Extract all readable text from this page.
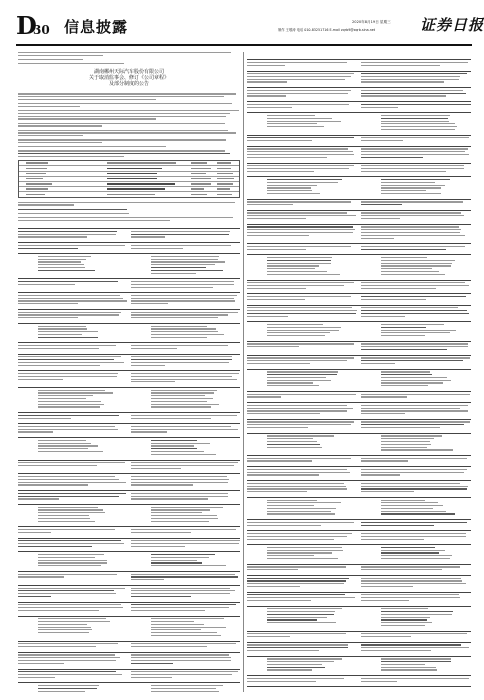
D
30 信息披露	2020年8月19日 星期三
制作 王敬涛 电话 010-83251716 E-mail zqrb9@zqrb.sina.net	证券日报
湖南郴州天际汽车股份有限公司
关于取消监事会、修订《公司章程》
及部分制度的公告
